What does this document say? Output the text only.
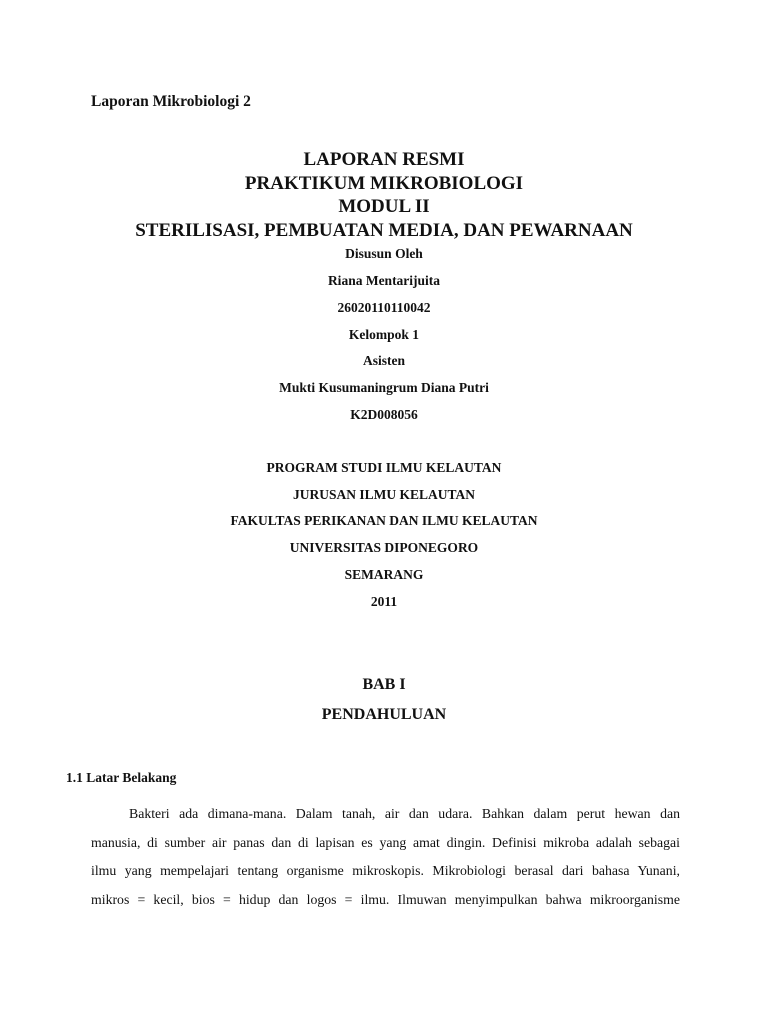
Laporan Mikrobiologi 2

LAPORAN RESMI
PRAKTIKUM MIKROBIOLOGI
MODUL II
STERILISASI, PEMBUATAN MEDIA, DAN PEWARNAAN
Disusun Oleh
Riana Mentarijuita
26020110110042
Kelompok 1
Asisten
Mukti Kusumaningrum Diana Putri
K2D008056
PROGRAM STUDI ILMU KELAUTAN
JURUSAN ILMU KELAUTAN
FAKULTAS PERIKANAN DAN ILMU KELAUTAN
UNIVERSITAS DIPONEGORO
SEMARANG
2011
BAB I
PENDAHULUAN

1.1 Latar Belakang

Bakteri ada dimana-mana. Dalam tanah, air dan udara. Bahkan dalam perut hewan dan
manusia, di sumber air panas dan di lapisan es yang amat dingin. Definisi mikroba adalah sebagai
ilmu yang mempelajari tentang organisme mikroskopis. Mikrobiologi berasal dari bahasa Yunani,
mikros = kecil, bios = hidup dan logos = ilmu. Ilmuwan menyimpulkan bahwa mikroorganisme
